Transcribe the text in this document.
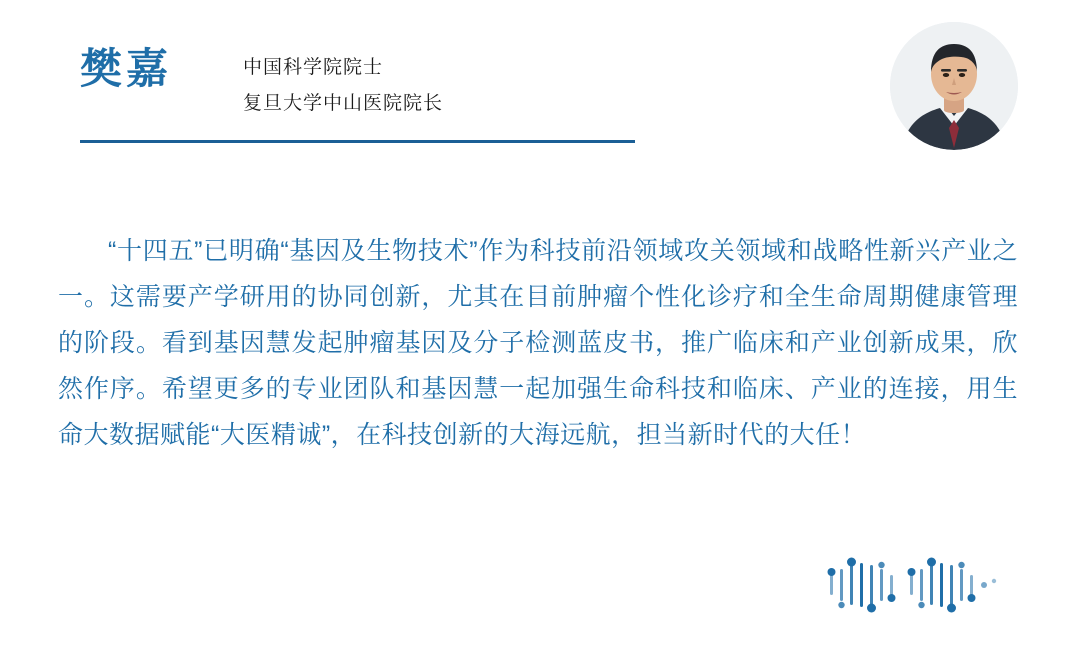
樊嘉	中国科学院院士
复旦大学中山医院院长
“十四五”已明确“基因及生物技术”作为科技前沿领域攻关领域和战略性新兴产业之一。这需要产学研用的协同创新，尤其在目前肿瘤个性化诊疗和全生命周期健康管理的阶段。看到基因慧发起肿瘤基因及分子检测蓝皮书，推广临床和产业创新成果，欣然作序。希望更多的专业团队和基因慧一起加强生命科技和临床、产业的连接，用生命大数据赋能“大医精诚”，在科技创新的大海远航，担当新时代的大任！
